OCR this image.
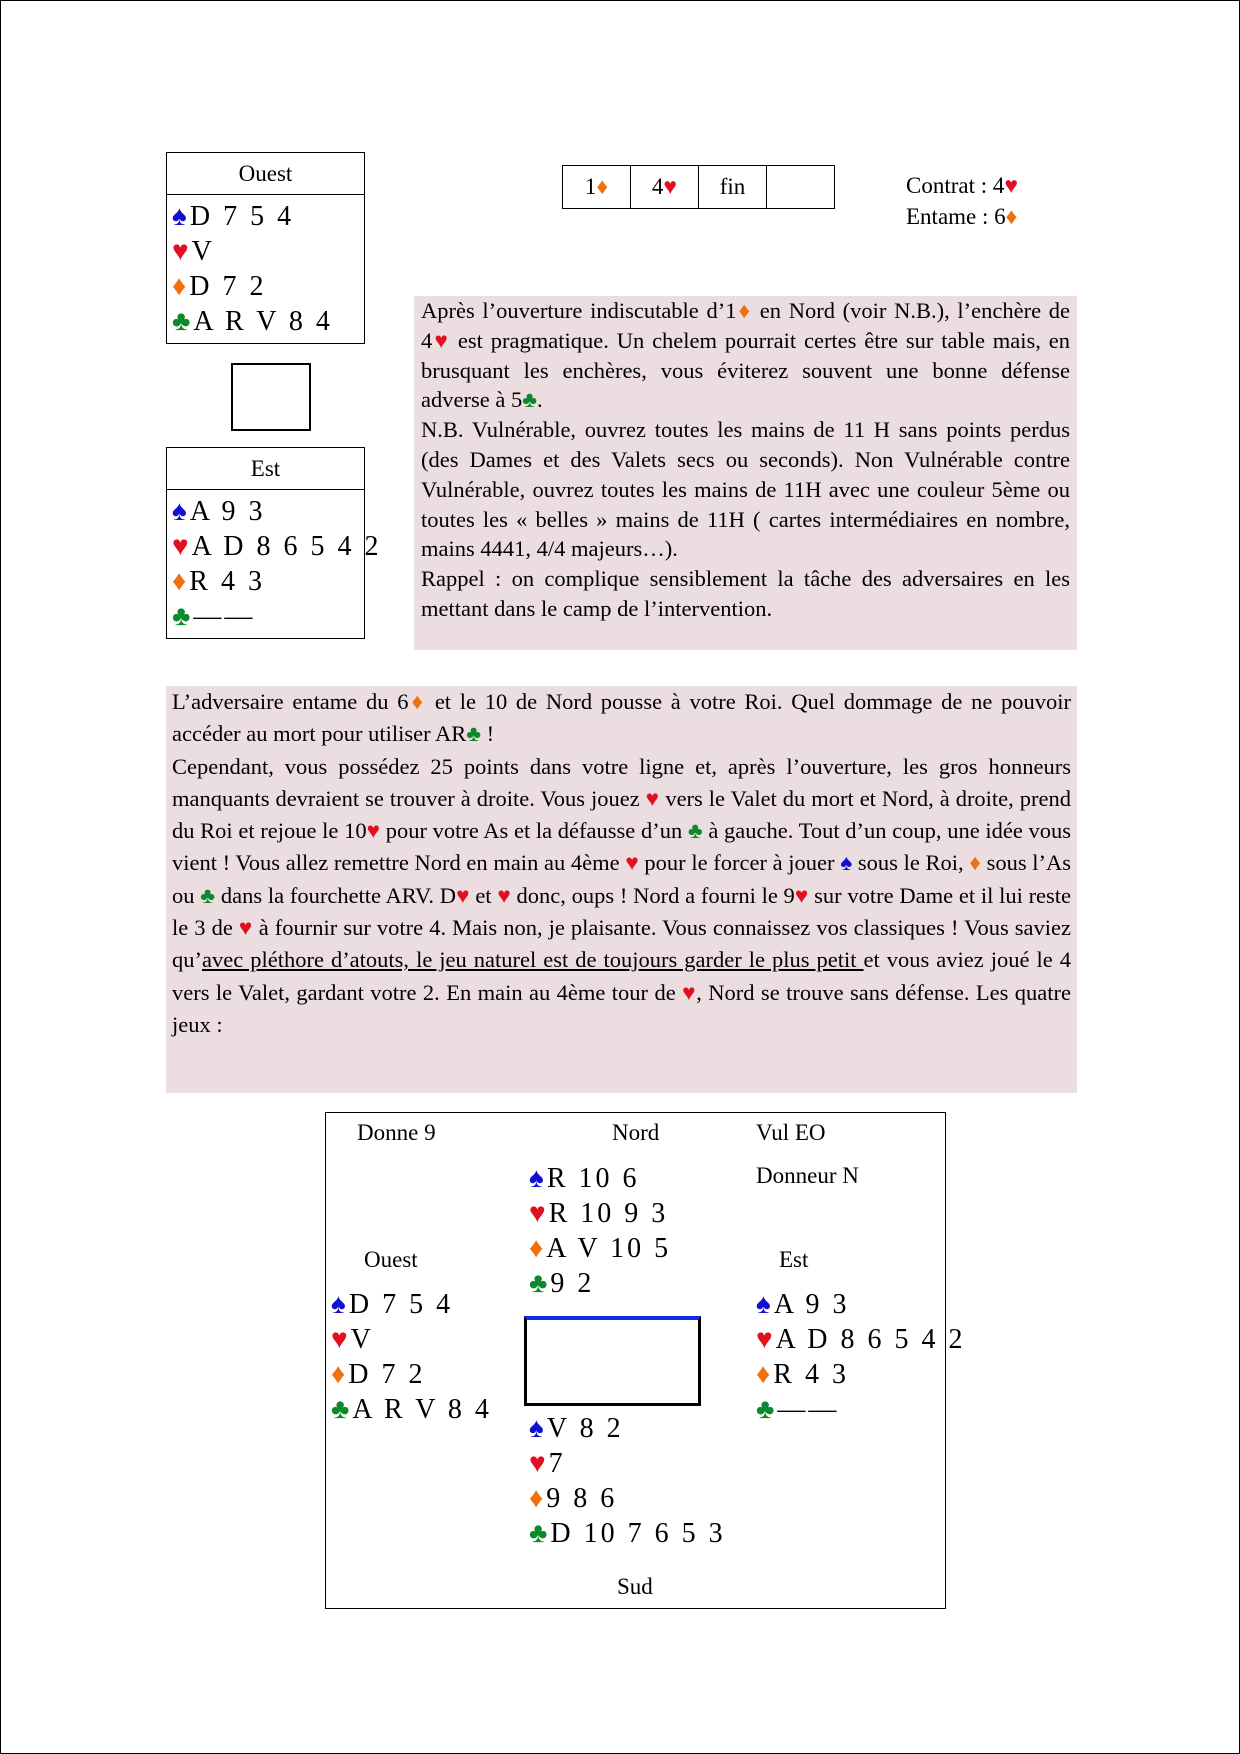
Ouest
♠D 7 5 4
♥V
♦D 7 2
♣A R V 8 4
Est
♠A 9 3
♥A D 8 6 5 4 2
♦R 4 3
♣——
1♦	4♥	fin	Contrat : 4♥
Entame : 6♦

Après l’ouverture indiscutable d’1♦ en Nord (voir N.B.), l’enchère de 4♥ est pragmatique. Un chelem pourrait certes être sur table mais, en brusquant les enchères, vous éviterez souvent une bonne défense adverse à 5♣.

N.B. Vulnérable, ouvrez toutes les mains de 11 H sans points perdus (des Dames et des Valets secs ou seconds). Non Vulnérable contre Vulnérable, ouvrez toutes les mains de 11H avec une couleur 5ème ou toutes les « belles » mains de 11H ( cartes intermédiaires en nombre, mains 4441, 4/4 majeurs…).

Rappel : on complique sensiblement la tâche des adversaires en les mettant dans le camp de l’intervention.

L’adversaire entame du 6♦ et le 10 de Nord pousse à votre Roi. Quel dommage de ne pouvoir accéder au mort pour utiliser AR♣ !

Cependant, vous possédez 25 points dans votre ligne et, après l’ouverture, les gros honneurs manquants devraient se trouver à droite. Vous jouez ♥ vers le Valet du mort et Nord, à droite, prend du Roi et rejoue le 10♥ pour votre As et la défausse d’un ♣ à gauche. Tout d’un coup, une idée vous vient ! Vous allez remettre Nord en main au 4ème ♥ pour le forcer à jouer ♠ sous le Roi, ♦ sous l’As ou ♣ dans la fourchette ARV. D♥ et ♥ donc, oups ! Nord a fourni le 9♥ sur votre Dame et il lui reste le 3 de ♥ à fournir sur votre 4. Mais non, je plaisante. Vous connaissez vos classiques ! Vous saviez qu’avec pléthore d’atouts, le jeu naturel est de toujours garder le plus petit et vous aviez joué le 4 vers le Valet, gardant votre 2. En main au 4ème tour de ♥, Nord se trouve sans défense. Les quatre jeux :

Donne 9	Nord	Vul EO
Donneur N
Ouest	Est
Sud
♠R 10 6
♥R 10 9 3
♦A V 10 5
♣9 2
♠D 7 5 4
♥V
♦D 7 2
♣A R V 8 4
♠A 9 3
♥A D 8 6 5 4 2
♦R 4 3
♣——
♠V 8 2
♥7
♦9 8 6
♣D 10 7 6 5 3
